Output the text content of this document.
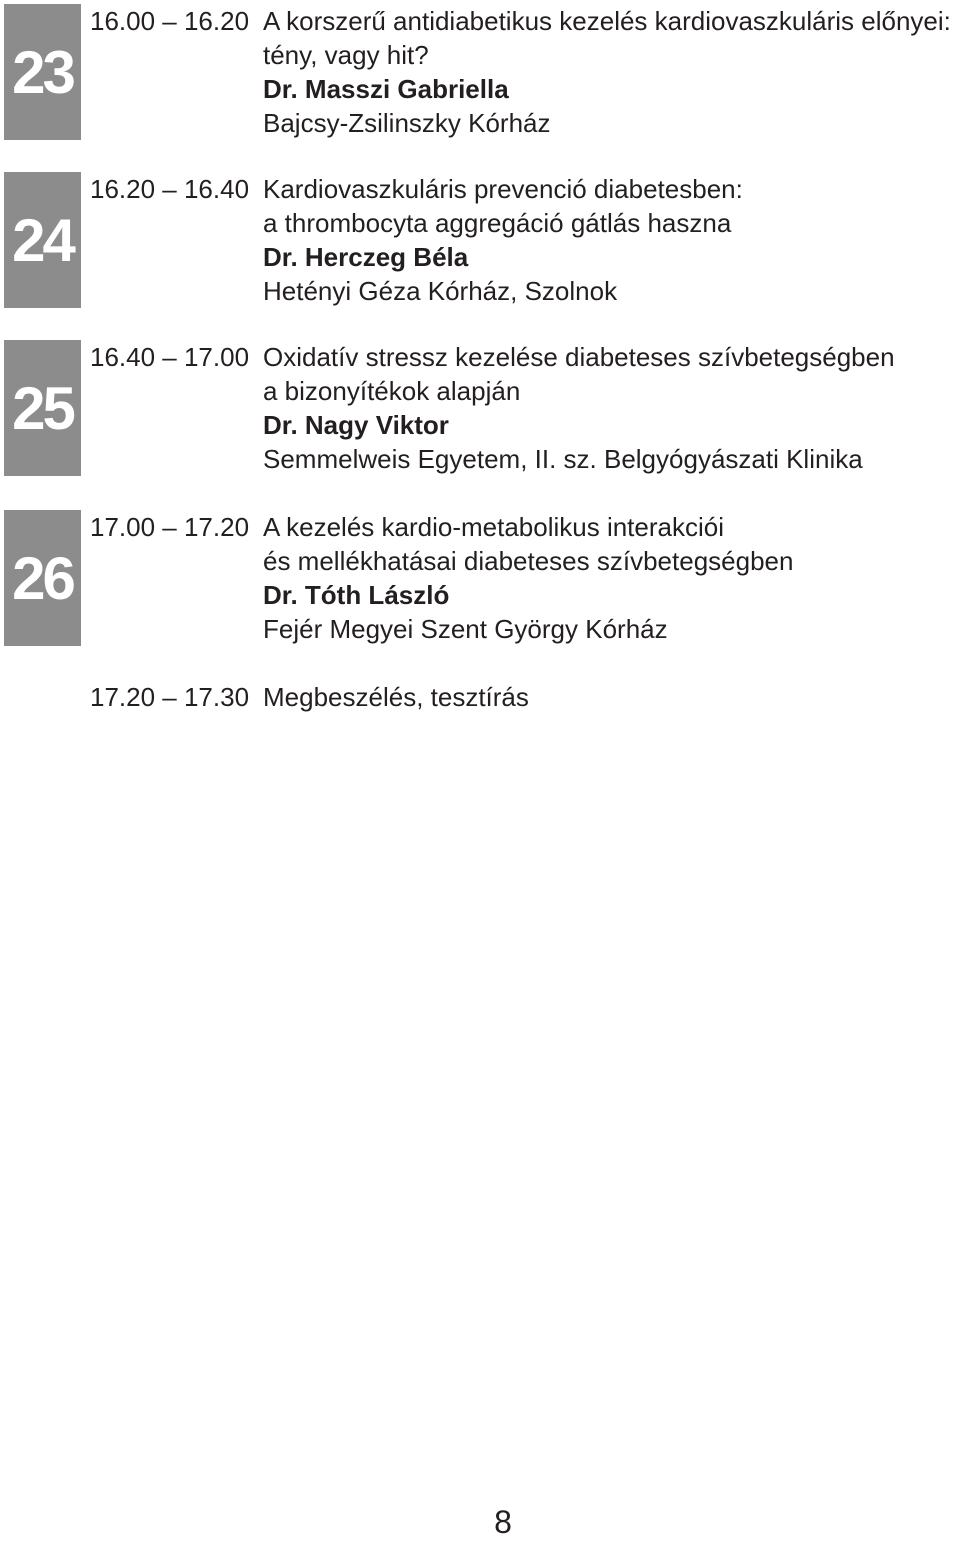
23
16.00 – 16.20 A korszerű antidiabetikus kezelés kardiovaszkuláris előnyei:
tény, vagy hit?
Dr. Masszi Gabriella
Bajcsy-Zsilinszky Kórház
24
16.20 – 16.40 Kardiovaszkuláris prevenció diabetesben:
a thrombocyta aggregáció gátlás haszna
Dr. Herczeg Béla
Hetényi Géza Kórház, Szolnok
25
16.40 – 17.00 Oxidatív stressz kezelése diabeteses szívbetegségben
a bizonyítékok alapján
Dr. Nagy Viktor
Semmelweis Egyetem, II. sz. Belgyógyászati Klinika
26
17.00 – 17.20 A kezelés kardio-metabolikus interakciói
és mellékhatásai diabeteses szívbetegségben
Dr. Tóth László
Fejér Megyei Szent György Kórház
17.20 – 17.30 Megbeszélés, tesztírás
8
